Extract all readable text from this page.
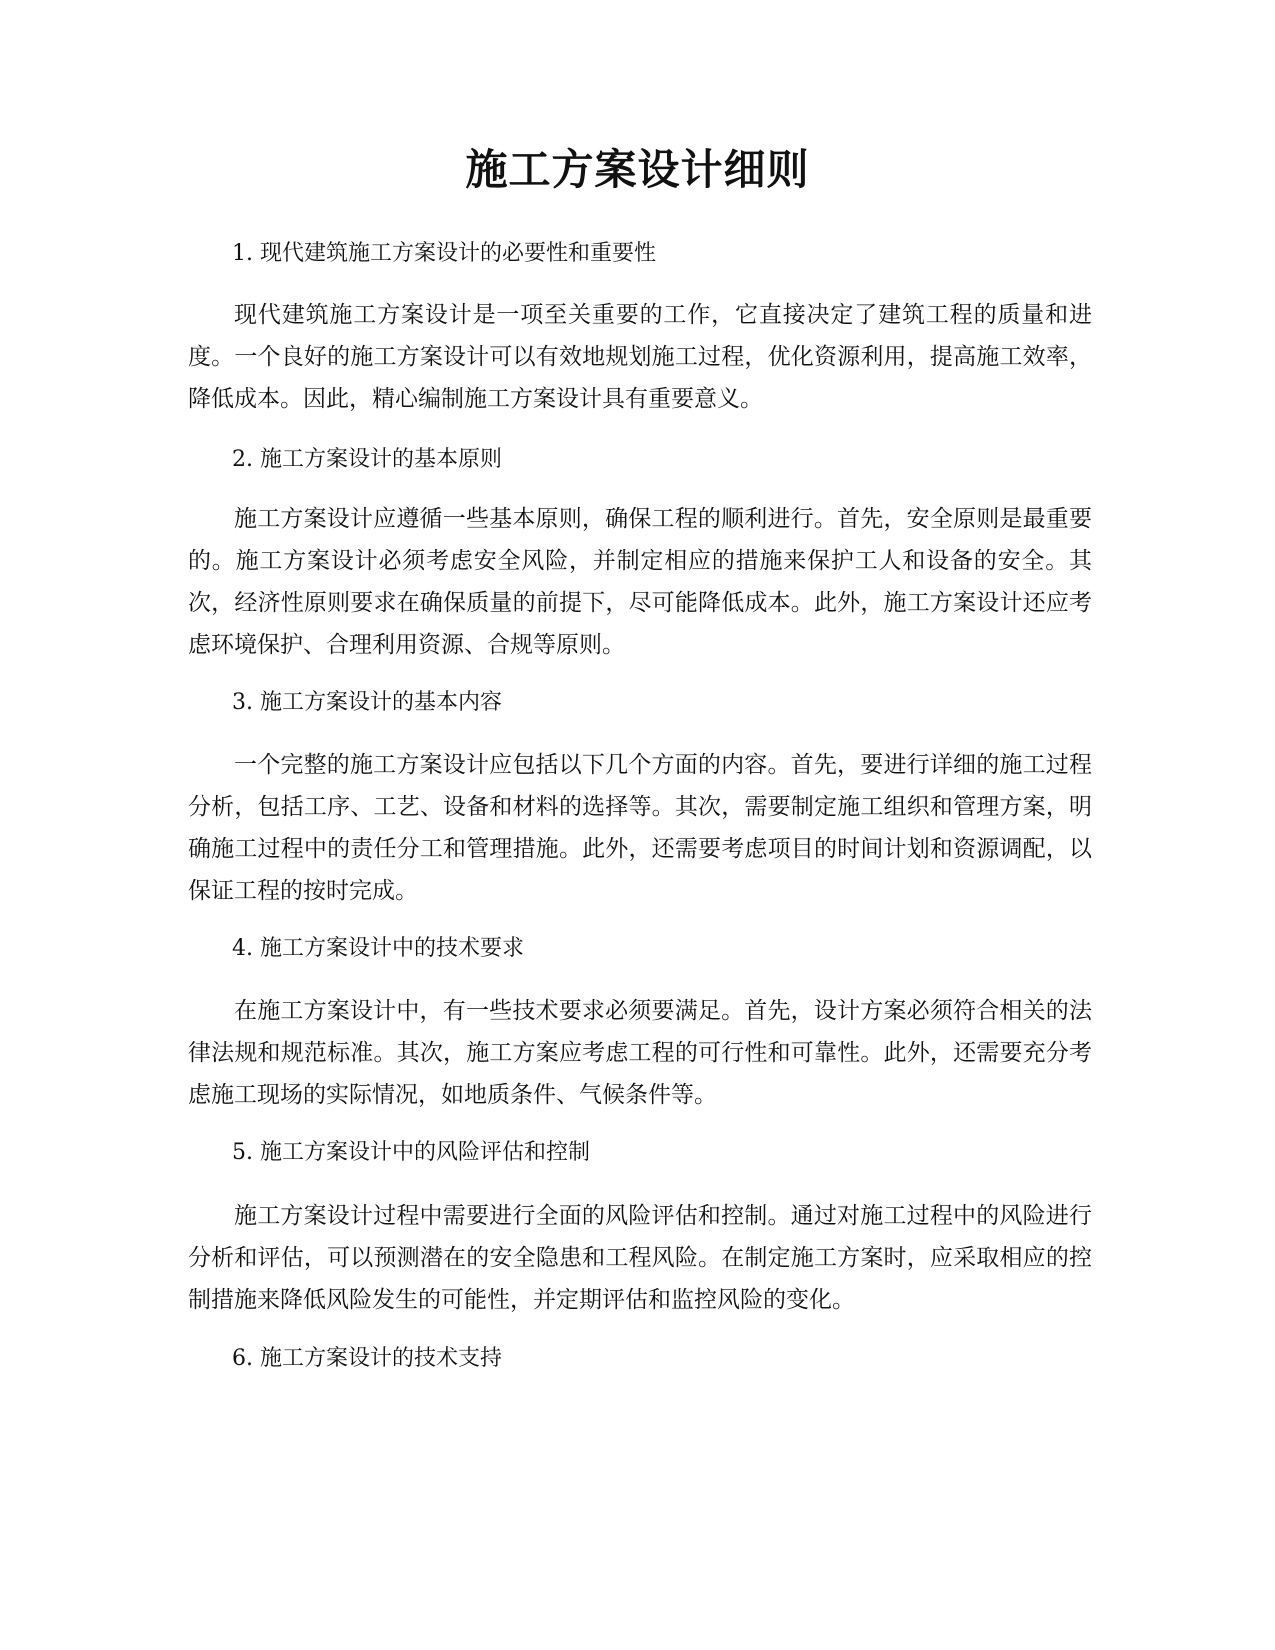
施工方案设计细则

1. 现代建筑施工方案设计的必要性和重要性

现代建筑施工方案设计是一项至关重要的工作，它直接决定了建筑工程的质量和进度。一个良好的施工方案设计可以有效地规划施工过程，优化资源利用，提高施工效率，降低成本。因此，精心编制施工方案设计具有重要意义。

2. 施工方案设计的基本原则

施工方案设计应遵循一些基本原则，确保工程的顺利进行。首先，安全原则是最重要的。施工方案设计必须考虑安全风险，并制定相应的措施来保护工人和设备的安全。其次，经济性原则要求在确保质量的前提下，尽可能降低成本。此外，施工方案设计还应考虑环境保护、合理利用资源、合规等原则。

3. 施工方案设计的基本内容

一个完整的施工方案设计应包括以下几个方面的内容。首先，要进行详细的施工过程分析，包括工序、工艺、设备和材料的选择等。其次，需要制定施工组织和管理方案，明确施工过程中的责任分工和管理措施。此外，还需要考虑项目的时间计划和资源调配，以保证工程的按时完成。

4. 施工方案设计中的技术要求

在施工方案设计中，有一些技术要求必须要满足。首先，设计方案必须符合相关的法律法规和规范标准。其次，施工方案应考虑工程的可行性和可靠性。此外，还需要充分考虑施工现场的实际情况，如地质条件、气候条件等。

5. 施工方案设计中的风险评估和控制

施工方案设计过程中需要进行全面的风险评估和控制。通过对施工过程中的风险进行分析和评估，可以预测潜在的安全隐患和工程风险。在制定施工方案时，应采取相应的控制措施来降低风险发生的可能性，并定期评估和监控风险的变化。

6. 施工方案设计的技术支持
